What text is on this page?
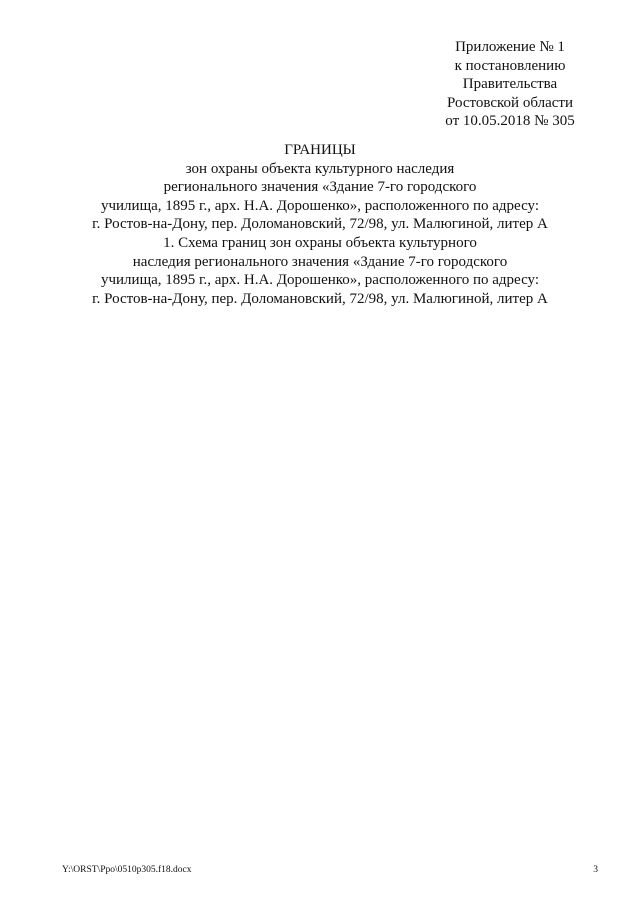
Приложение № 1
к постановлению
Правительства
Ростовской области
от 10.05.2018 № 305
ГРАНИЦЫ
зон охраны объекта культурного наследия
регионального значения «Здание 7-го городского
училища, 1895 г., арх. Н.А. Дорошенко», расположенного по адресу:
г. Ростов-на-Дону, пер. Доломановский, 72/98, ул. Малюгиной, литер А
1. Схема границ зон охраны объекта культурного
наследия регионального значения «Здание 7-го городского
училища, 1895 г., арх. Н.А. Дорошенко», расположенного по адресу:
г. Ростов-на-Дону, пер. Доломановский, 72/98, ул. Малюгиной, литер А
Y:\ORST\Ppo\0510p305.f18.docx	3
